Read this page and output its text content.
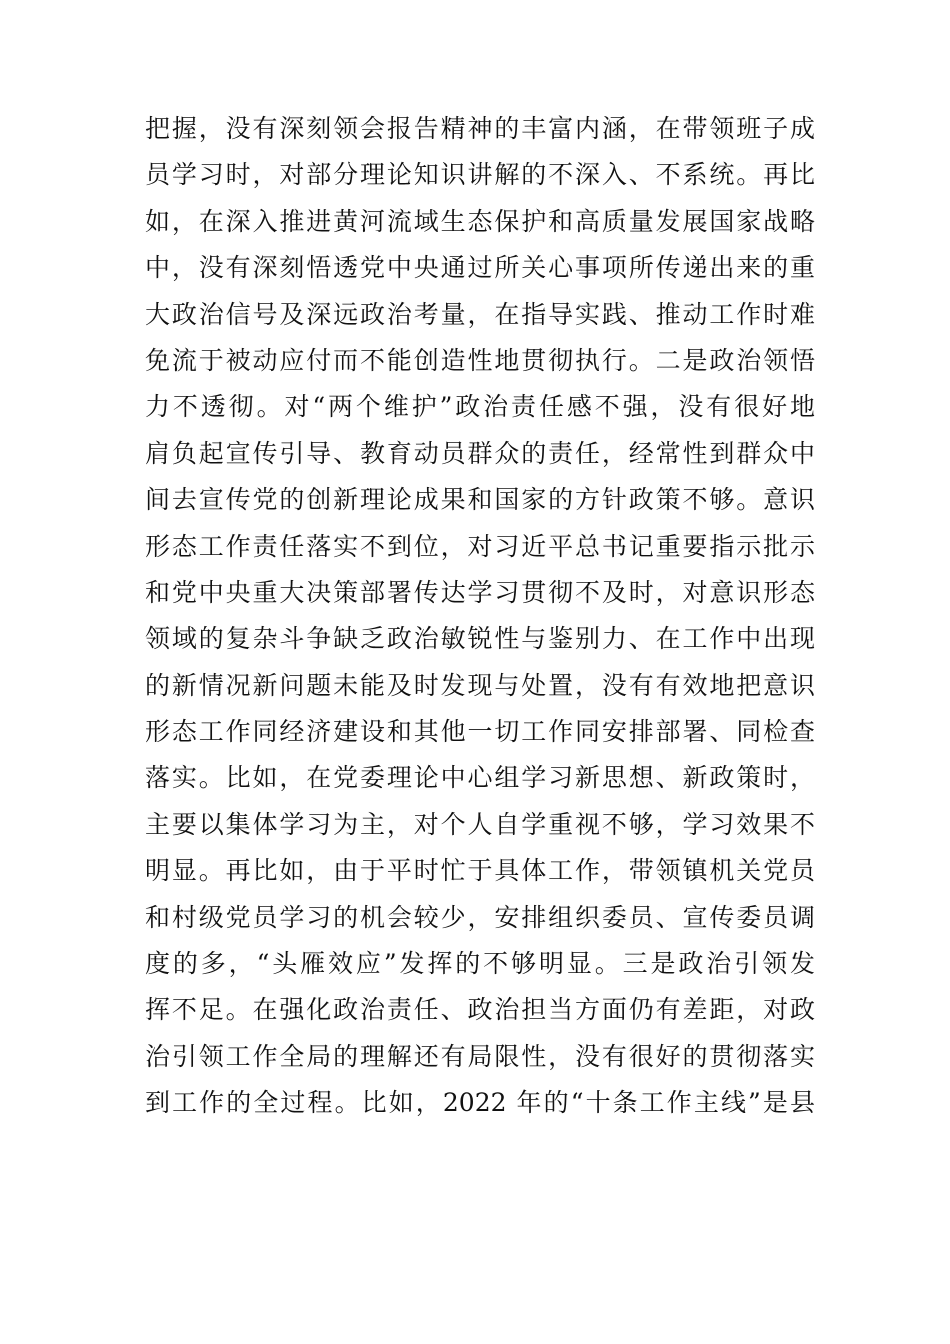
把握，没有深刻领会报告精神的丰富内涵，在带领班子成
员学习时，对部分理论知识讲解的不深入、不系统。再比
如，在深入推进黄河流域生态保护和高质量发展国家战略
中，没有深刻悟透党中央通过所关心事项所传递出来的重
大政治信号及深远政治考量，在指导实践、推动工作时难
免流于被动应付而不能创造性地贯彻执行。二是政治领悟
力不透彻。对“两个维护”政治责任感不强，没有很好地
肩负起宣传引导、教育动员群众的责任，经常性到群众中
间去宣传党的创新理论成果和国家的方针政策不够。意识
形态工作责任落实不到位，对习近平总书记重要指示批示
和党中央重大决策部署传达学习贯彻不及时，对意识形态
领域的复杂斗争缺乏政治敏锐性与鉴别力、在工作中出现
的新情况新问题未能及时发现与处置，没有有效地把意识
形态工作同经济建设和其他一切工作同安排部署、同检查
落实。比如，在党委理论中心组学习新思想、新政策时，
主要以集体学习为主，对个人自学重视不够，学习效果不
明显。再比如，由于平时忙于具体工作，带领镇机关党员
和村级党员学习的机会较少，安排组织委员、宣传委员调
度的多，“头雁效应”发挥的不够明显。三是政治引领发
挥不足。在强化政治责任、政治担当方面仍有差距，对政
治引领工作全局的理解还有局限性，没有很好的贯彻落实
到工作的全过程。比如，2022 年的“十条工作主线”是县
